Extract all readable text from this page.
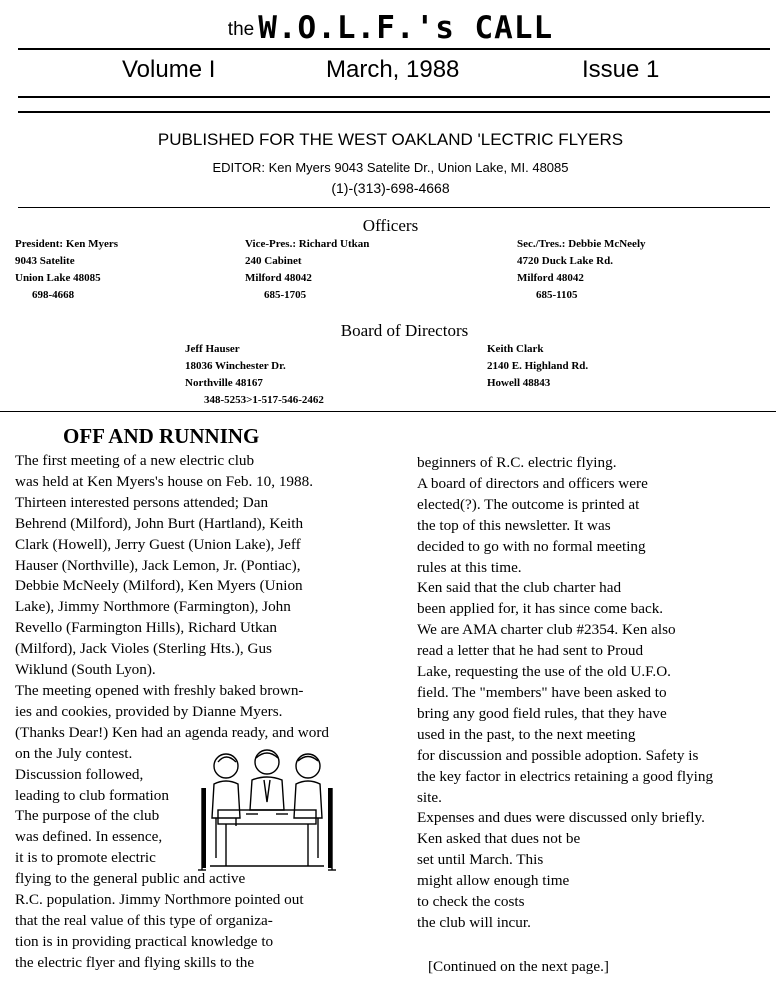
the W.O.L.F.'s CALL
Volume I	March, 1988	Issue 1
PUBLISHED FOR THE WEST OAKLAND 'LECTRIC FLYERS
EDITOR: Ken Myers 9043 Satelite Dr., Union Lake, MI. 48085
(1)-(313)-698-4668
Officers
President: Ken Myers
9043 Satelite
Union Lake 48085
698-4668
Vice-Pres.: Richard Utkan
240 Cabinet
Milford 48042
685-1705
Sec./Tres.: Debbie McNeely
4720 Duck Lake Rd.
Milford 48042
685-1105
Board of Directors
Jeff Hauser
18036 Winchester Dr.
Northville 48167
348-5253>1-517-546-2462
Keith Clark
2140 E. Highland Rd.
Howell 48843
OFF AND RUNNING
The first meeting of a new electric club
was held at Ken Myers's house on Feb. 10, 1988.
Thirteen interested persons attended; Dan
Behrend (Milford), John Burt (Hartland), Keith
Clark (Howell), Jerry Guest (Union Lake), Jeff
Hauser (Northville), Jack Lemon, Jr. (Pontiac),
Debbie McNeely (Milford), Ken Myers (Union
Lake), Jimmy Northmore (Farmington), John
Revello (Farmington Hills), Richard Utkan
(Milford), Jack Violes (Sterling Hts.), Gus
Wiklund (South Lyon).
The meeting opened with freshly baked brown-
ies and cookies, provided by Dianne Myers.
(Thanks Dear!) Ken had an agenda ready, and word
on the July contest.
Discussion followed,
leading to club formation
The purpose of the club
was defined. In essence,
it is to promote electric
flying to the general public and active
R.C. population. Jimmy Northmore pointed out
that the real value of this type of organiza-
tion is in providing practical knowledge to
the electric flyer and flying skills to the
beginners of R.C. electric flying.
A board of directors and officers were
elected(?). The outcome is printed at
the top of this newsletter. It was
decided to go with no formal meeting
rules at this time.
Ken said that the club charter had
been applied for, it has since come back.
We are AMA charter club #2354. Ken also
read a letter that he had sent to Proud
Lake, requesting the use of the old U.F.O.
field. The "members" have been asked to
bring any good field rules, that they have
used in the past, to the next meeting
for discussion and possible adoption. Safety is
the key factor in electrics retaining a good flying
site.
Expenses and dues were discussed only briefly.
Ken asked that dues not be
set until March. This
might allow enough time
to check the costs
the club will incur.
[Continued on the next page.]
